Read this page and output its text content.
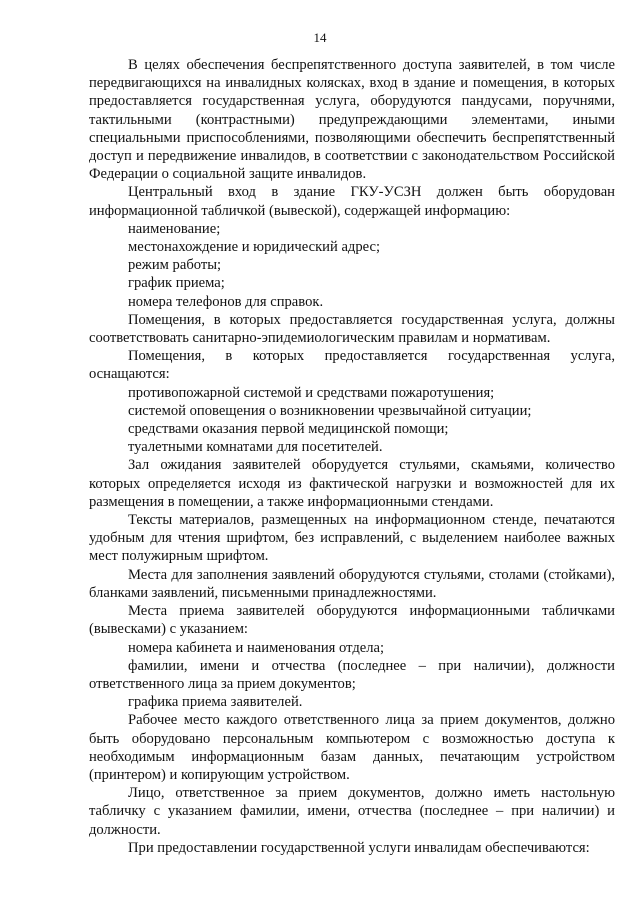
14

В целях обеспечения беспрепятственного доступа заявителей, в том числе передвигающихся на инвалидных колясках, вход в здание и помещения, в которых предоставляется государственная услуга, оборудуются пандусами, поручнями, тактильными (контрастными) предупреждающими элементами, иными специальными приспособлениями, позволяющими обеспечить беспрепятственный доступ и передвижение инвалидов, в соответствии с законодательством Российской Федерации о социальной защите инвалидов.

Центральный вход в здание ГКУ-УСЗН должен быть оборудован информационной табличкой (вывеской), содержащей информацию:

наименование;

местонахождение и юридический адрес;

режим работы;

график приема;

номера телефонов для справок.

Помещения, в которых предоставляется государственная услуга, должны соответствовать санитарно-эпидемиологическим правилам и нормативам.

Помещения, в которых предоставляется государственная услуга, оснащаются:

противопожарной системой и средствами пожаротушения;

системой оповещения о возникновении чрезвычайной ситуации;

средствами оказания первой медицинской помощи;

туалетными комнатами для посетителей.

Зал ожидания заявителей оборудуется стульями, скамьями, количество которых определяется исходя из фактической нагрузки и возможностей для их размещения в помещении, а также информационными стендами.

Тексты материалов, размещенных на информационном стенде, печатаются удобным для чтения шрифтом, без исправлений, с выделением наиболее важных мест полужирным шрифтом.

Места для заполнения заявлений оборудуются стульями, столами (стойками), бланками заявлений, письменными принадлежностями.

Места приема заявителей оборудуются информационными табличками (вывесками) с указанием:

номера кабинета и наименования отдела;

фамилии, имени и отчества (последнее – при наличии), должности ответственного лица за прием документов;

графика приема заявителей.

Рабочее место каждого ответственного лица за прием документов, должно быть оборудовано персональным компьютером с возможностью доступа к необходимым информационным базам данных, печатающим устройством (принтером) и копирующим устройством.

Лицо, ответственное за прием документов, должно иметь настольную табличку с указанием фамилии, имени, отчества (последнее – при наличии) и должности.

При предоставлении государственной услуги инвалидам обеспечиваются:
